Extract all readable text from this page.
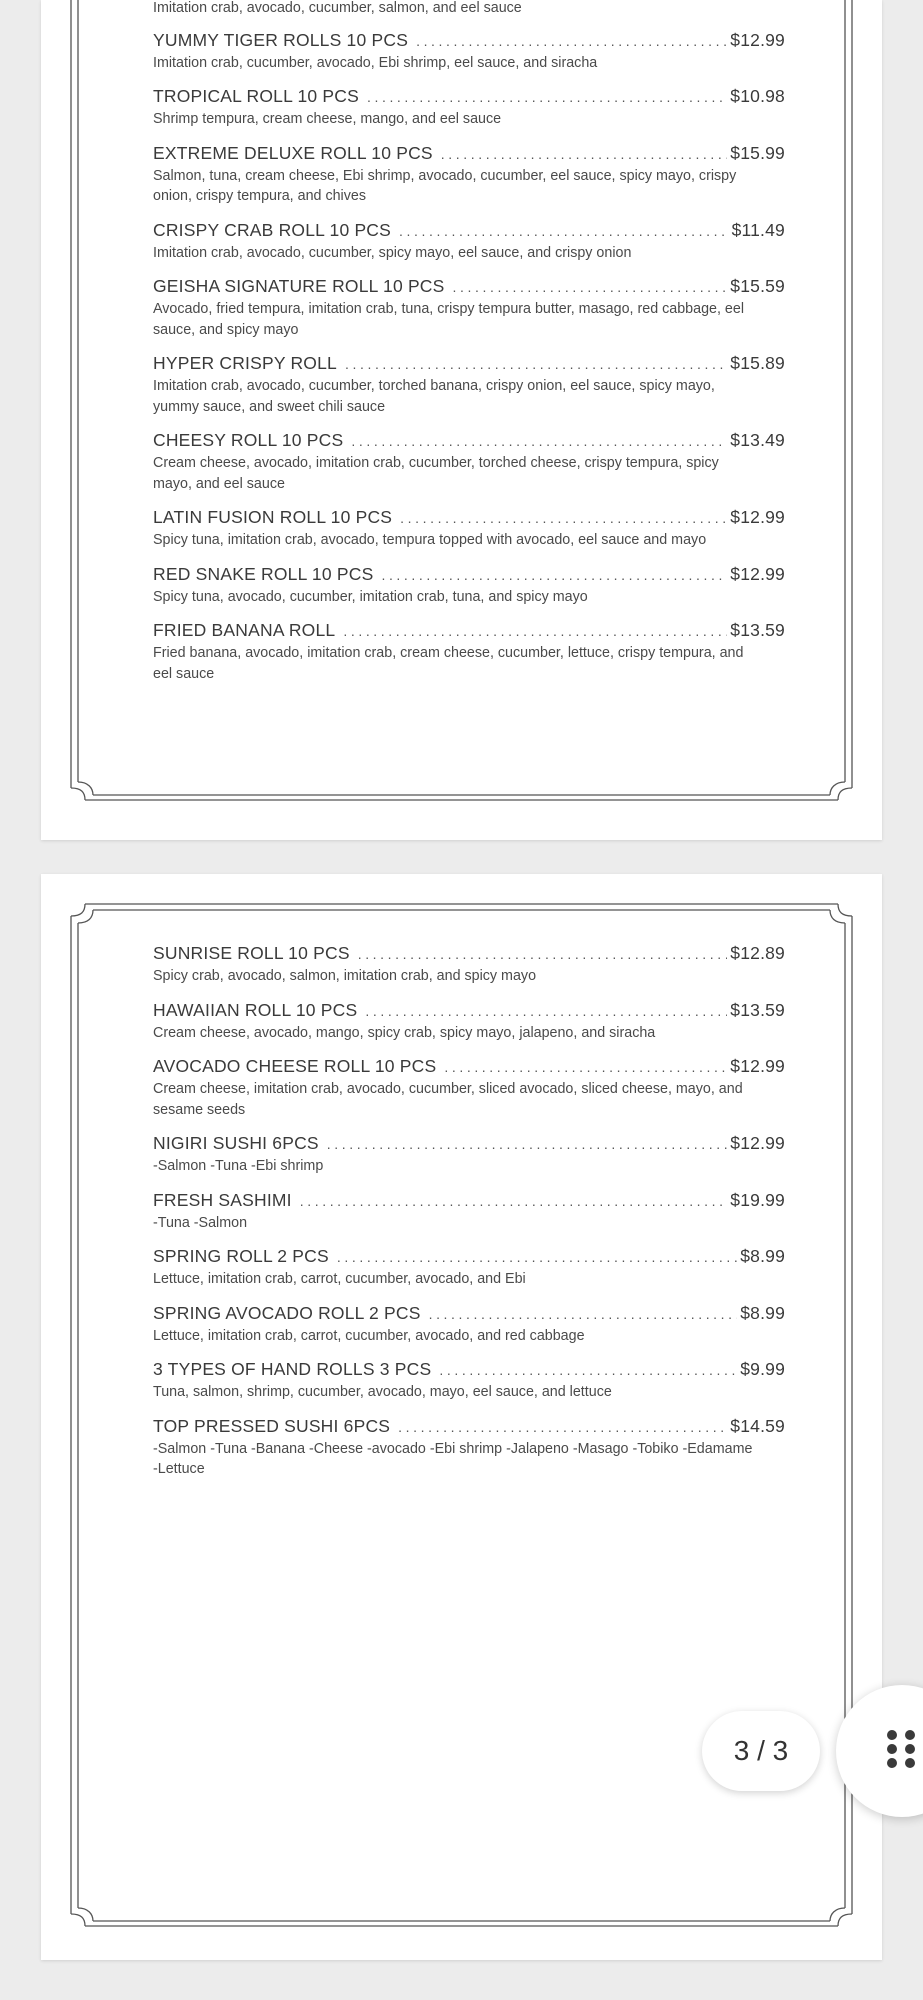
Imitation crab, avocado, cucumber, salmon, and eel sauce
YUMMY TIGER ROLLS 10 PCS .....	$12.99
Imitation crab, cucumber, avocado, Ebi shrimp, eel sauce, and siracha
TROPICAL ROLL 10 PCS .....	$10.98
Shrimp tempura, cream cheese, mango, and eel sauce
EXTREME DELUXE ROLL 10 PCS .....	$15.99
Salmon, tuna, cream cheese, Ebi shrimp, avocado, cucumber, eel sauce, spicy mayo, crispy onion, crispy tempura, and chives
CRISPY CRAB ROLL 10 PCS .....	$11.49
Imitation crab, avocado, cucumber, spicy mayo, eel sauce, and crispy onion
GEISHA SIGNATURE ROLL 10 PCS .....	$15.59
Avocado, fried tempura, imitation crab, tuna, crispy tempura butter, masago, red cabbage, eel sauce, and spicy mayo
HYPER CRISPY ROLL .....	$15.89
Imitation crab, avocado, cucumber, torched banana, crispy onion, eel sauce, spicy mayo, yummy sauce, and sweet chili sauce
CHEESY ROLL 10 PCS .....	$13.49
Cream cheese, avocado, imitation crab, cucumber, torched cheese, crispy tempura, spicy mayo, and eel sauce
LATIN FUSION ROLL 10 PCS .....	$12.99
Spicy tuna, imitation crab, avocado, tempura topped with avocado, eel sauce and mayo
RED SNAKE ROLL 10 PCS .....	$12.99
Spicy tuna, avocado, cucumber, imitation crab, tuna, and spicy mayo
FRIED BANANA ROLL .....	$13.59
Fried banana, avocado, imitation crab, cream cheese, cucumber, lettuce, crispy tempura, and eel sauce
SUNRISE ROLL 10 PCS .....	$12.89
Spicy crab, avocado, salmon, imitation crab, and spicy mayo
HAWAIIAN ROLL 10 PCS .....	$13.59
Cream cheese, avocado, mango, spicy crab, spicy mayo, jalapeno, and siracha
AVOCADO CHEESE ROLL 10 PCS .....	$12.99
Cream cheese, imitation crab, avocado, cucumber, sliced avocado, sliced cheese, mayo, and sesame seeds
NIGIRI SUSHI 6PCS .....	$12.99
-Salmon -Tuna -Ebi shrimp
FRESH SASHIMI .....	$19.99
-Tuna -Salmon
SPRING ROLL 2 PCS .....	$8.99
Lettuce, imitation crab, carrot, cucumber, avocado, and Ebi
SPRING AVOCADO ROLL 2 PCS .....	$8.99
Lettuce, imitation crab, carrot, cucumber, avocado, and red cabbage
3 TYPES OF HAND ROLLS 3 PCS .....	$9.99
Tuna, salmon, shrimp, cucumber, avocado, mayo, eel sauce, and lettuce
TOP PRESSED SUSHI 6PCS .....	$14.59
-Salmon -Tuna -Banana -Cheese -avocado -Ebi shrimp -Jalapeno -Masago -Tobiko -Edamame -Lettuce
3 / 3
